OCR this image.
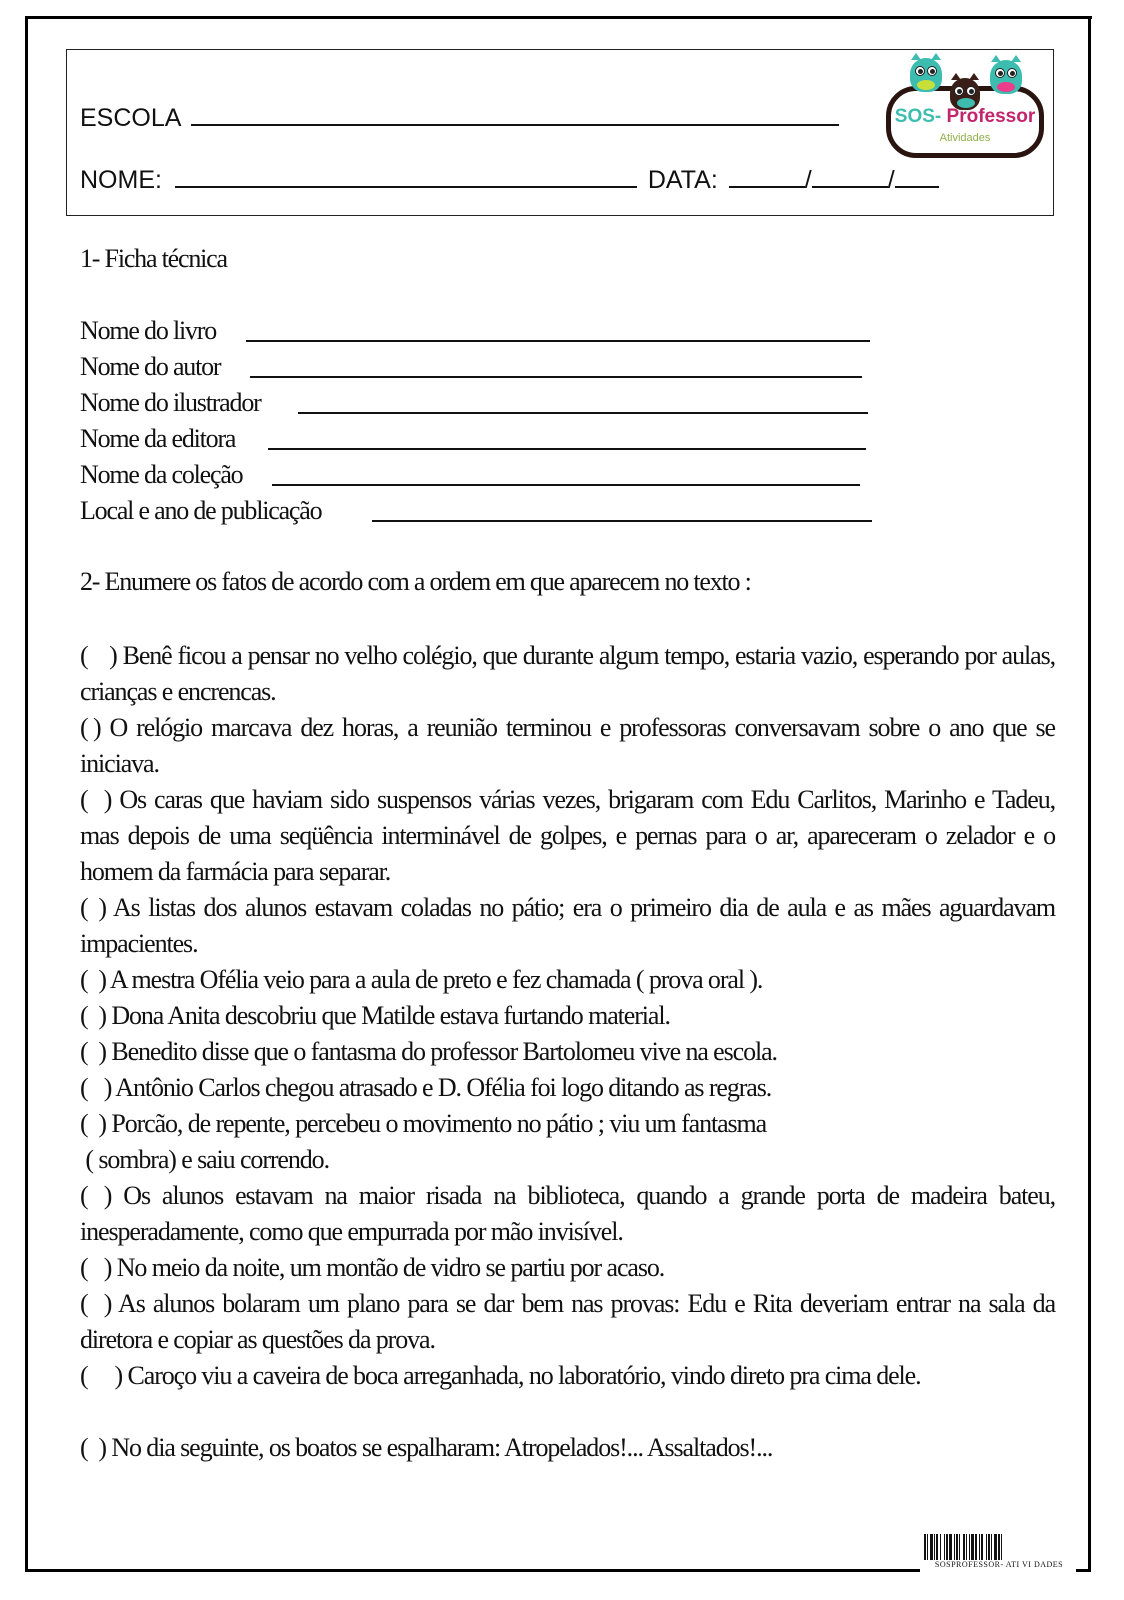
ESCOLA
NOME:	DATA:	/	/
SOS- Professor
Atividades
1- Ficha técnica
Nome do livro
Nome do autor
Nome do ilustrador
Nome da editora
Nome da coleção
Local e ano de publicação
2- Enumere os fatos de acordo com a ordem em que aparecem no texto :
(    ) Benê ficou a pensar no velho colégio, que durante algum tempo, estaria vazio, esperando por aulas, crianças e encrencas.
( ) O relógio marcava dez horas, a reunião terminou e professoras conversavam sobre o ano que se iniciava.
(   ) Os caras que haviam sido suspensos várias vezes, brigaram com Edu Carlitos, Marinho e Tadeu, mas depois de uma seqüência interminável de golpes, e pernas para o ar, apareceram o zelador e o homem da farmácia para separar.
(  ) As listas dos alunos estavam coladas no pátio; era o primeiro dia de aula e as mães aguardavam impacientes.
(  ) A mestra Ofélia veio para a aula de preto e fez chamada ( prova oral ).
(  ) Dona Anita descobriu que Matilde estava furtando material.
(  ) Benedito disse que o fantasma do professor Bartolomeu vive na escola.
(   ) Antônio Carlos chegou atrasado e D. Ofélia foi logo ditando as regras.
(  ) Porcão, de repente, percebeu o movimento no pátio ; viu um fantasma
( sombra) e saiu correndo.
(   ) Os alunos estavam na maior risada na biblioteca, quando a grande porta de madeira bateu, inesperadamente, como que empurrada por mão invisível.
(   ) No meio da noite, um montão de vidro se partiu por acaso.
(   ) As alunos bolaram um plano para se dar bem nas provas: Edu e Rita deveriam entrar na sala da diretora e copiar as questões da prova.
(     ) Caroço viu a caveira de boca arreganhada, no laboratório, vindo direto pra cima dele.
(  ) No dia seguinte, os boatos se espalharam: Atropelados!... Assaltados!...
SOSPROFESSOR- ATI VI DADES
